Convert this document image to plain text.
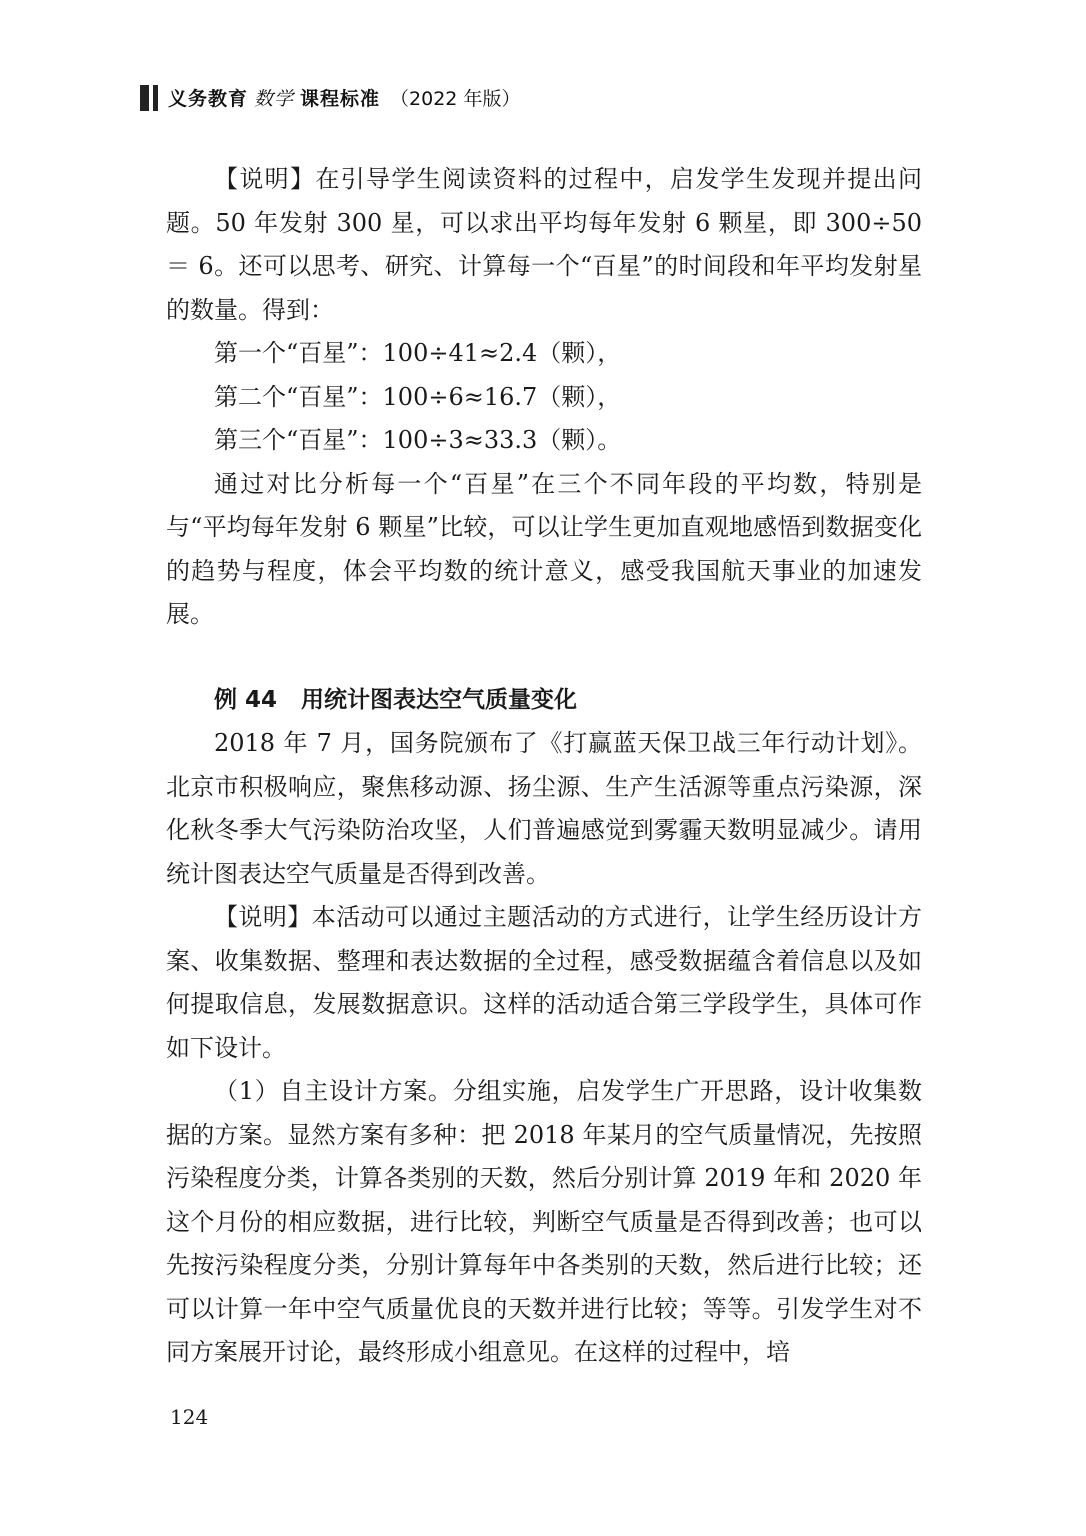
义务教育 数学 课程标准 （2022 年版）

【说明】在引导学生阅读资料的过程中，启发学生发现并提出问题。50 年发射 300 星，可以求出平均每年发射 6 颗星，即 300÷50 ＝ 6。还可以思考、研究、计算每一个“百星”的时间段和年平均发射星的数量。得到：

第一个“百星”：100÷41≈2.4（颗），

第二个“百星”：100÷6≈16.7（颗），

第三个“百星”：100÷3≈33.3（颗）。

通过对比分析每一个“百星”在三个不同年段的平均数，特别是与“平均每年发射 6 颗星”比较，可以让学生更加直观地感悟到数据变化的趋势与程度，体会平均数的统计意义，感受我国航天事业的加速发展。

例 44 用统计图表达空气质量变化

2018 年 7 月，国务院颁布了《打赢蓝天保卫战三年行动计划》。北京市积极响应，聚焦移动源、扬尘源、生产生活源等重点污染源，深化秋冬季大气污染防治攻坚，人们普遍感觉到雾霾天数明显减少。请用统计图表达空气质量是否得到改善。

【说明】本活动可以通过主题活动的方式进行，让学生经历设计方案、收集数据、整理和表达数据的全过程，感受数据蕴含着信息以及如何提取信息，发展数据意识。这样的活动适合第三学段学生，具体可作如下设计。

（1）自主设计方案。分组实施，启发学生广开思路，设计收集数据的方案。显然方案有多种：把 2018 年某月的空气质量情况，先按照污染程度分类，计算各类别的天数，然后分别计算 2019 年和 2020 年这个月份的相应数据，进行比较，判断空气质量是否得到改善；也可以先按污染程度分类，分别计算每年中各类别的天数，然后进行比较；还可以计算一年中空气质量优良的天数并进行比较；等等。引发学生对不同方案展开讨论，最终形成小组意见。在这样的过程中，培

124
